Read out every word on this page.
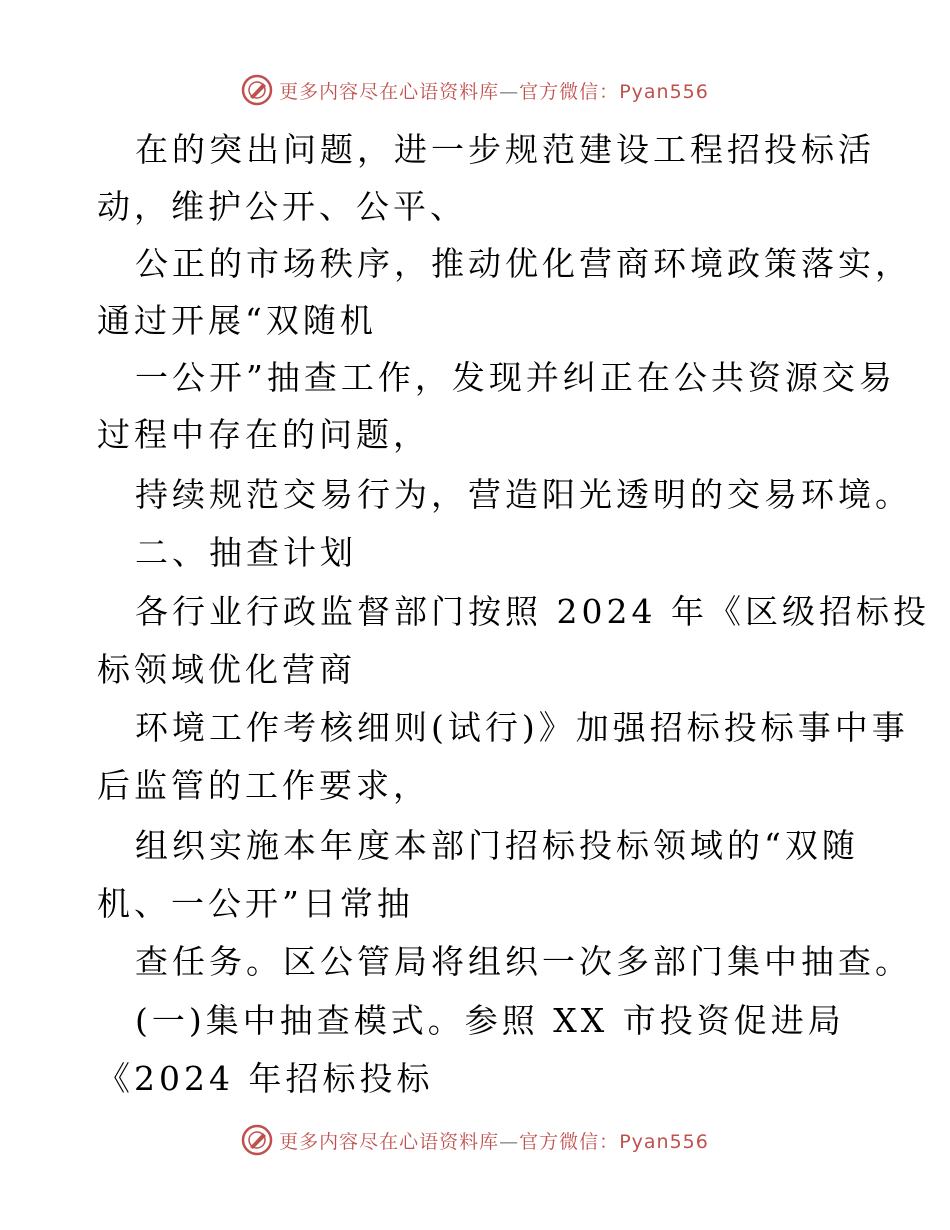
更多内容尽在心语资料库—官方微信：Pyan556
在的突出问题，进一步规范建设工程招投标活
动，维护公开、公平、
公正的市场秩序，推动优化营商环境政策落实，
通过开展“双随机
一公开”抽查工作，发现并纠正在公共资源交易
过程中存在的问题，
持续规范交易行为，营造阳光透明的交易环境。
二、抽查计划
各行业行政监督部门按照 2024 年《区级招标投
标领域优化营商
环境工作考核细则(试行)》加强招标投标事中事
后监管的工作要求，
组织实施本年度本部门招标投标领域的“双随
机、一公开”日常抽
查任务。区公管局将组织一次多部门集中抽查。
(一)集中抽查模式。参照 XX 市投资促进局
《2024 年招标投标
更多内容尽在心语资料库—官方微信：Pyan556
